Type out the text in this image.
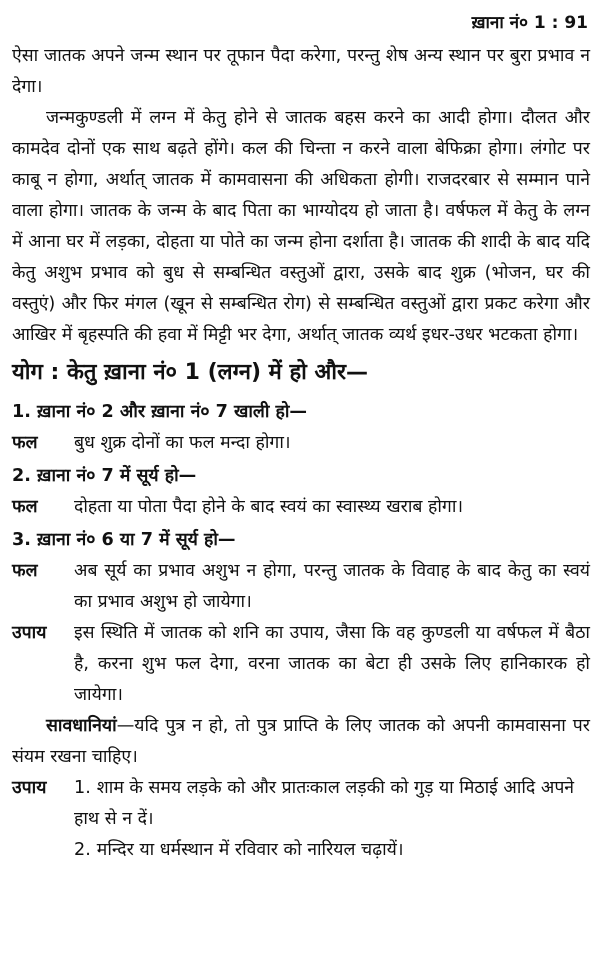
ख़ाना नं० 1 : 91

ऐसा जातक अपने जन्म स्थान पर तूफान पैदा करेगा, परन्तु शेष अन्य स्थान पर बुरा प्रभाव न देगा।

जन्मकुण्डली में लग्न में केतु होने से जातक बहस करने का आदी होगा। दौलत और कामदेव दोनों एक साथ बढ़ते होंगे। कल की चिन्ता न करने वाला बेफिक्रा होगा। लंगोट पर काबू न होगा, अर्थात् जातक में कामवासना की अधिकता होगी। राजदरबार से सम्मान पाने वाला होगा। जातक के जन्म के बाद पिता का भाग्योदय हो जाता है। वर्षफल में केतु के लग्न में आना घर में लड़का, दोहता या पोते का जन्म होना दर्शाता है। जातक की शादी के बाद यदि केतु अशुभ प्रभाव को बुध से सम्बन्धित वस्तुओं द्वारा, उसके बाद शुक्र (भोजन, घर की वस्तुएं) और फिर मंगल (खून से सम्बन्धित रोग) से सम्बन्धित वस्तुओं द्वारा प्रकट करेगा और आखिर में बृहस्पति की हवा में मिट्टी भर देगा, अर्थात् जातक व्यर्थ इधर-उधर भटकता होगा।

योग : केतु ख़ाना नं० 1 (लग्न) में हो और—
1. ख़ाना नं० 2 और ख़ाना नं० 7 खाली हो—
फल	बुध शुक्र दोनों का फल मन्दा होगा।
2. ख़ाना नं० 7 में सूर्य हो—
फल	दोहता या पोता पैदा होने के बाद स्वयं का स्वास्थ्य खराब होगा।
3. ख़ाना नं० 6 या 7 में सूर्य हो—
फल	अब सूर्य का प्रभाव अशुभ न होगा, परन्तु जातक के विवाह के बाद केतु का स्वयं का प्रभाव अशुभ हो जायेगा।
उपाय	इस स्थिति में जातक को शनि का उपाय, जैसा कि वह कुण्डली या वर्षफल में बैठा है, करना शुभ फल देगा, वरना जातक का बेटा ही उसके लिए हानिकारक हो जायेगा।

सावधानियां—यदि पुत्र न हो, तो पुत्र प्राप्ति के लिए जातक को अपनी कामवासना पर संयम रखना चाहिए।

उपाय	1. शाम के समय लड़के को और प्रातःकाल लड़की को गुड़ या मिठाई आदि अपने हाथ से न दें।
2. मन्दिर या धर्मस्थान में रविवार को नारियल चढ़ायें।
